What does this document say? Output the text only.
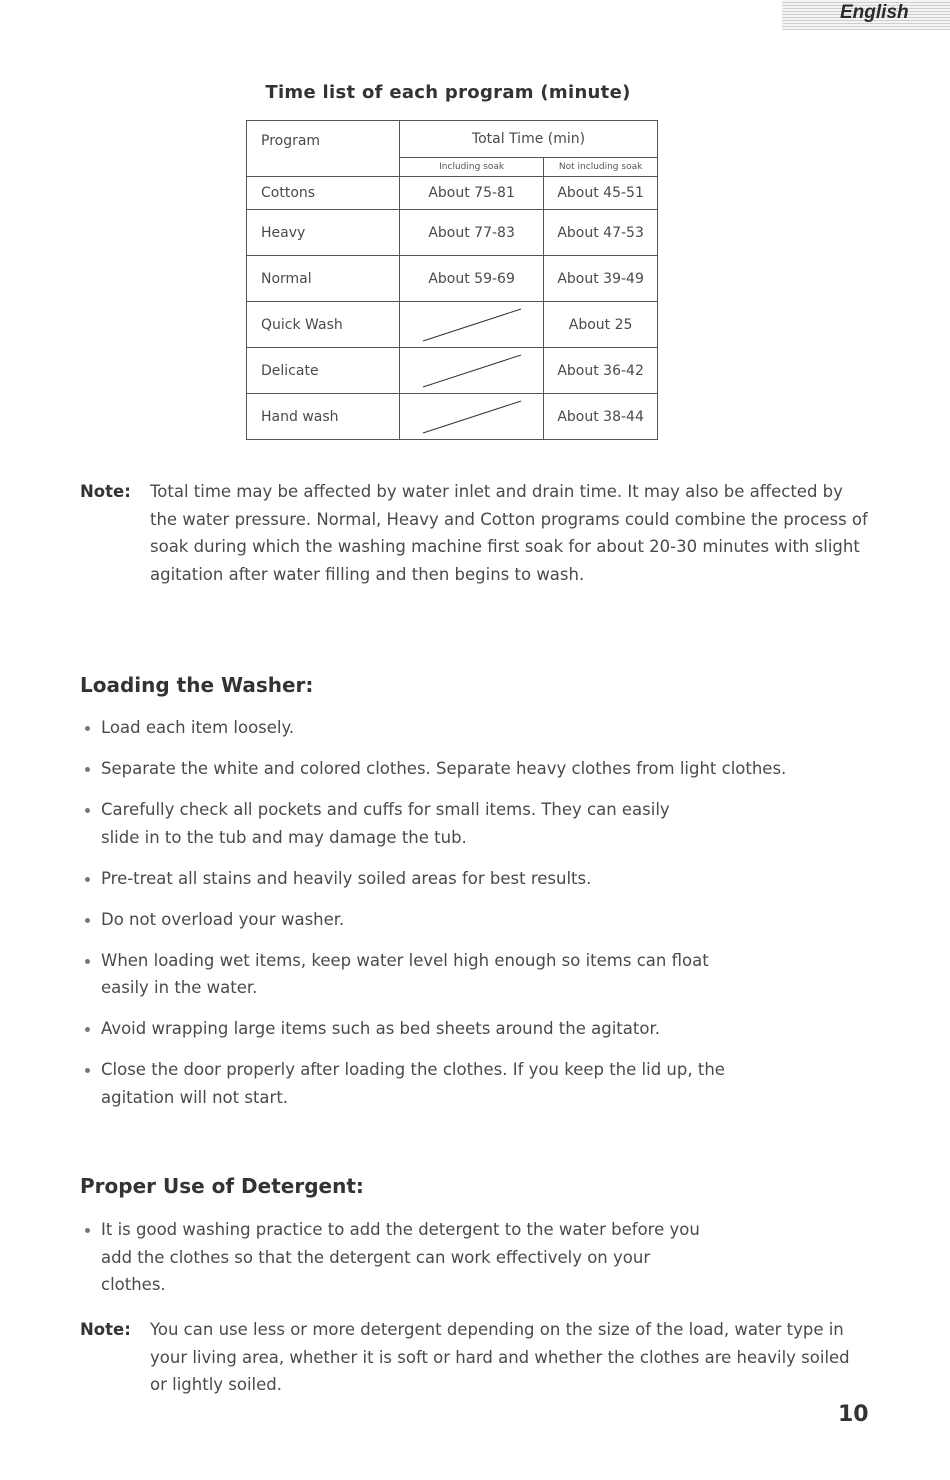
English
Time list of each program (minute)
Program	Total Time (min)	
	Including soak	Not including soak
Cottons	About 75-81	About 45-51
Heavy	About 77-83	About 47-53
Normal	About 59-69	About 39-49
Quick Wash		About 25
Delicate		About 36-42
Hand wash		About 38-44
Note: Total time may be affected by water inlet and drain time. It may also be affected by the water pressure. Normal, Heavy and Cotton programs could combine the process of soak during which the washing machine first soak for about 20-30 minutes with slight agitation after water filling and then begins to wash.
Loading the Washer:
Load each item loosely.
Separate the white and colored clothes. Separate heavy clothes from light clothes.
Carefully check all pockets and cuffs for small items. They can easily slide in to the tub and may damage the tub.
Pre-treat all stains and heavily soiled areas for best results.
Do not overload your washer.
When loading wet items, keep water level high enough so items can float easily in the water.
Avoid wrapping large items such as bed sheets around the agitator.
Close the door properly after loading the clothes. If you keep the lid up, the agitation will not start.
Proper Use of Detergent:
It is good washing practice to add the detergent to the water before you add the clothes so that the detergent can work effectively on your clothes.
Note: You can use less or more detergent depending on the size of the load, water type in your living area, whether it is soft or hard and whether the clothes are heavily soiled or lightly soiled.
10
